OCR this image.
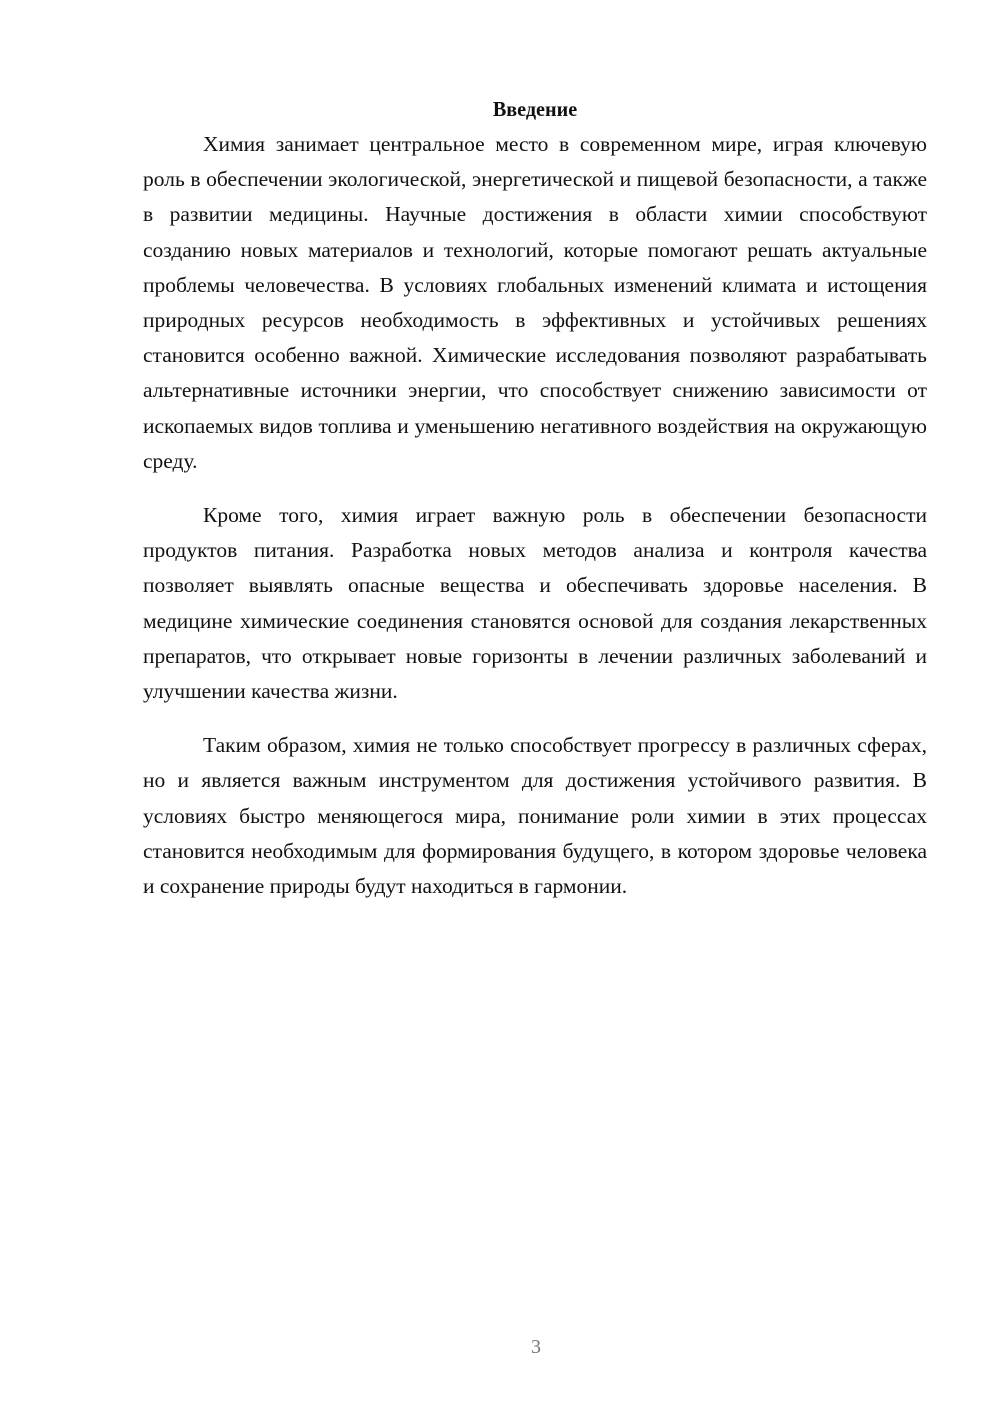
Введение

Химия занимает центральное место в современном мире, играя ключевую роль в обеспечении экологической, энергетической и пищевой безопасности, а также в развитии медицины. Научные достижения в области химии способствуют созданию новых материалов и технологий, которые помогают решать актуальные проблемы человечества. В условиях глобальных изменений климата и истощения природных ресурсов необходимость в эффективных и устойчивых решениях становится особенно важной. Химические исследования позволяют разрабатывать альтернативные источники энергии, что способствует снижению зависимости от ископаемых видов топлива и уменьшению негативного воздействия на окружающую среду.

Кроме того, химия играет важную роль в обеспечении безопасности продуктов питания. Разработка новых методов анализа и контроля качества позволяет выявлять опасные вещества и обеспечивать здоровье населения. В медицине химические соединения становятся основой для создания лекарственных препаратов, что открывает новые горизонты в лечении различных заболеваний и улучшении качества жизни.

Таким образом, химия не только способствует прогрессу в различных сферах, но и является важным инструментом для достижения устойчивого развития. В условиях быстро меняющегося мира, понимание роли химии в этих процессах становится необходимым для формирования будущего, в котором здоровье человека и сохранение природы будут находиться в гармонии.

3
